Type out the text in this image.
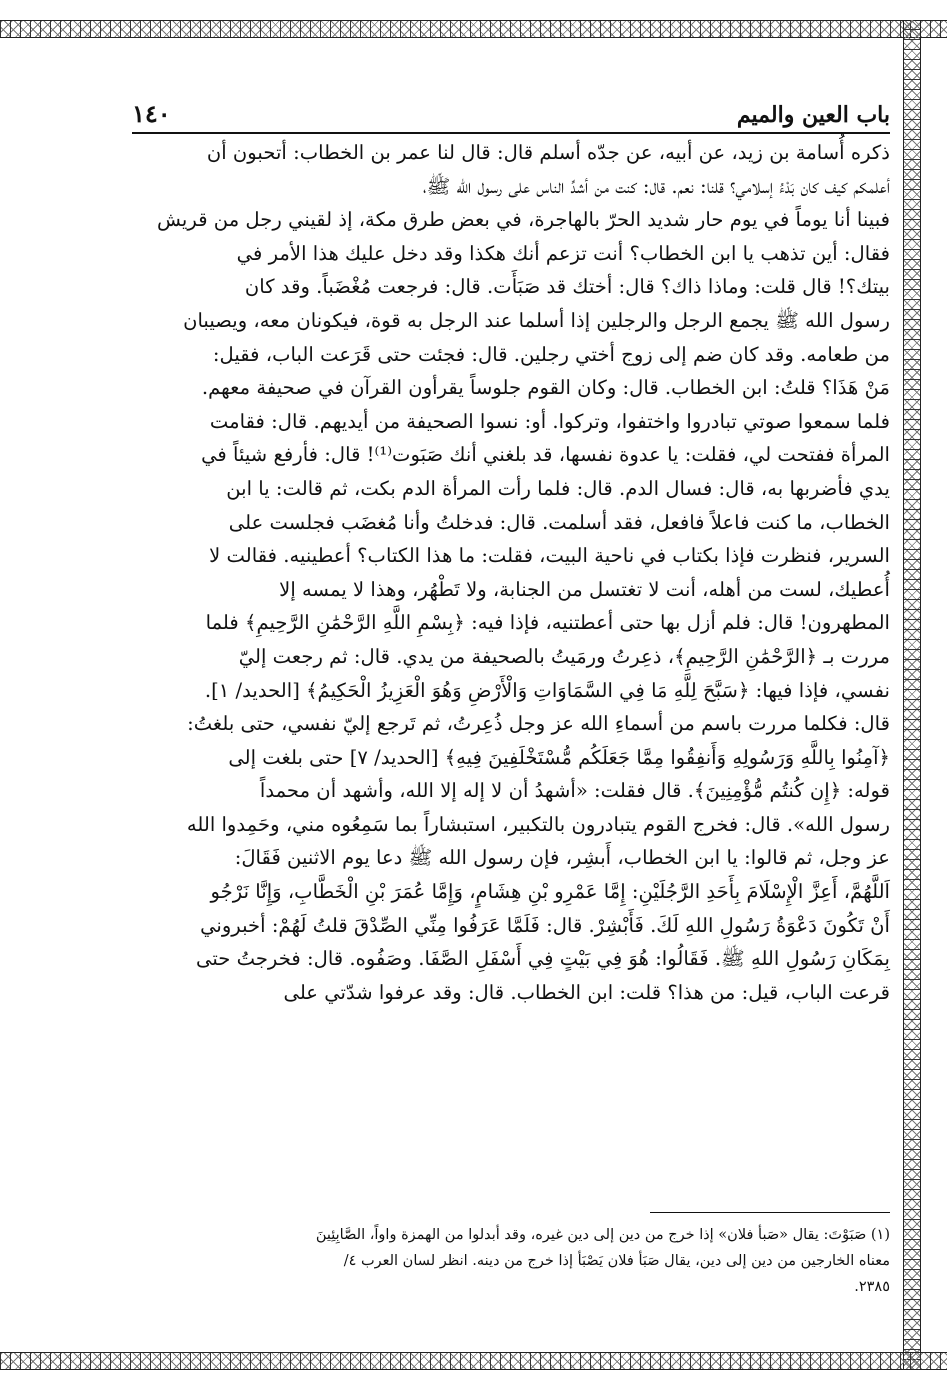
باب العين والميم
١٤٠

ذكره أُسامة بن زيد، عن أبيه، عن جدّه أسلم قال: قال لنا عمر بن الخطاب: أتحبون أن

أعلمكم كيف كان بَدْءُ إسلامي؟ قلنا: نعم. قال: كنت من أشدِّ الناس على رسول الله ﷺ،

فبينا أنا يوماً في يوم حار شديد الحرّ بالهاجرة، في بعض طرق مكة، إذ لقيني رجل من قريش

فقال: أين تذهب يا ابن الخطاب؟ أنت تزعم أنك هكذا وقد دخل عليك هذا الأمر في

بيتك؟! قال قلت: وماذا ذاك؟ قال: أختك قد صَبَأَت. قال: فرجعت مُغْضَباً. وقد كان

رسول الله ﷺ يجمع الرجل والرجلين إذا أسلما عند الرجل به قوة، فيكونان معه، ويصيبان

من طعامه. وقد كان ضم إلى زوج أختي رجلين. قال: فجئت حتى قَرَعت الباب، فقيل:

مَنْ هَذَا؟ قلتُ: ابن الخطاب. قال: وكان القوم جلوساً يقرأون القرآن في صحيفة معهم.

فلما سمعوا صوتي تبادروا واختفوا، وتركوا. أو: نسوا الصحيفة من أيديهم. قال: فقامت

المرأة ففتحت لي، فقلت: يا عدوة نفسها، قد بلغني أنك صَبَوت⁽¹⁾! قال: فأرفع شيئاً في

يدي فأضربها به، قال: فسال الدم. قال: فلما رأت المرأة الدم بكت، ثم قالت: يا ابن

الخطاب، ما كنت فاعلاً فافعل، فقد أسلمت. قال: فدخلتُ وأنا مُغضَب فجلست على

السرير، فنظرت فإذا بكتاب في ناحية البيت، فقلت: ما هذا الكتاب؟ أعطينيه. فقالت لا

أُعطيك، لست من أهله، أنت لا تغتسل من الجنابة، ولا تَطْهُر، وهذا لا يمسه إلا

المطهرون! قال: فلم أزل بها حتى أعطتنيه، فإذا فيه: ﴿بِسْمِ اللَّهِ الرَّحْمَٰنِ الرَّحِيمِ﴾ فلما

مررت بـ ﴿الرَّحْمَٰنِ الرَّحِيمِ﴾، ذعِرتُ ورمَيتُ بالصحيفة من يدي. قال: ثم رجعت إليّ

نفسي، فإذا فيها: ﴿سَبَّحَ لِلَّهِ مَا فِي السَّمَاوَاتِ وَالْأَرْضِ وَهُوَ الْعَزِيزُ الْحَكِيمُ﴾ [الحديد/ ١].

قال: فكلما مررت باسم من أسماءِ الله عز وجل ذُعِرتُ، ثم تَرجع إليّ نفسي، حتى بلغتُ:

﴿آمِنُوا بِاللَّهِ وَرَسُولِهِ وَأَنفِقُوا مِمَّا جَعَلَكُم مُّسْتَخْلَفِينَ فِيهِ﴾ [الحديد/ ٧] حتى بلغت إلى

قوله: ﴿إِن كُنتُم مُّؤْمِنِينَ﴾. قال فقلت: «أشهدُ أن لا إله إلا الله، وأشهد أن محمداً

رسول الله». قال: فخرج القوم يتبادرون بالتكبير، استبشاراً بما سَمِعُوه مني، وحَمِدوا الله

عز وجل، ثم قالوا: يا ابن الخطاب، أَبشِر، فإن رسول الله ﷺ دعا يوم الاثنين فَقَالَ:

اَللَّهُمَّ، أَعِزَّ الْإِسْلَامَ بِأَحَدِ الرَّجُلَيْنِ: إِمَّا عَمْرِو بْنِ هِشَامٍ، وَإِمَّا عُمَرَ بْنِ الْخَطَّابِ، وَإِنَّا نَرْجُو

أَنْ تَكُونَ دَعْوَةُ رَسُولِ اللهِ لَكَ. فَأَبْشِرْ. قال: فَلَمَّا عَرَفُوا مِنِّي الصِّدْقَ قلتُ لَهُمْ: أخبروني

بِمَكَانِ رَسُولِ اللهِ ﷺ. فَقَالُوا: هُوَ فِي بَيْتٍ فِي أَسْفَلِ الصَّفَا. وصَفُوه. قال: فخرجتُ حتى

قرعت الباب، قيل: من هذا؟ قلت: ابن الخطاب. قال: وقد عرفوا شدّتي على

(١) صَبَوْتَ: يقال «صَبأ فلان» إذا خرج من دين إلى دين غيره، وقد أبدلوا من الهمزة واواً، الصَّابِئِينَ

معناه الخارجين من دين إلى دين، يقال صَبَأ فلان يَصْبَأ إذا خرج من دينه. انظر لسان العرب ٤/

٢٣٨٥.
